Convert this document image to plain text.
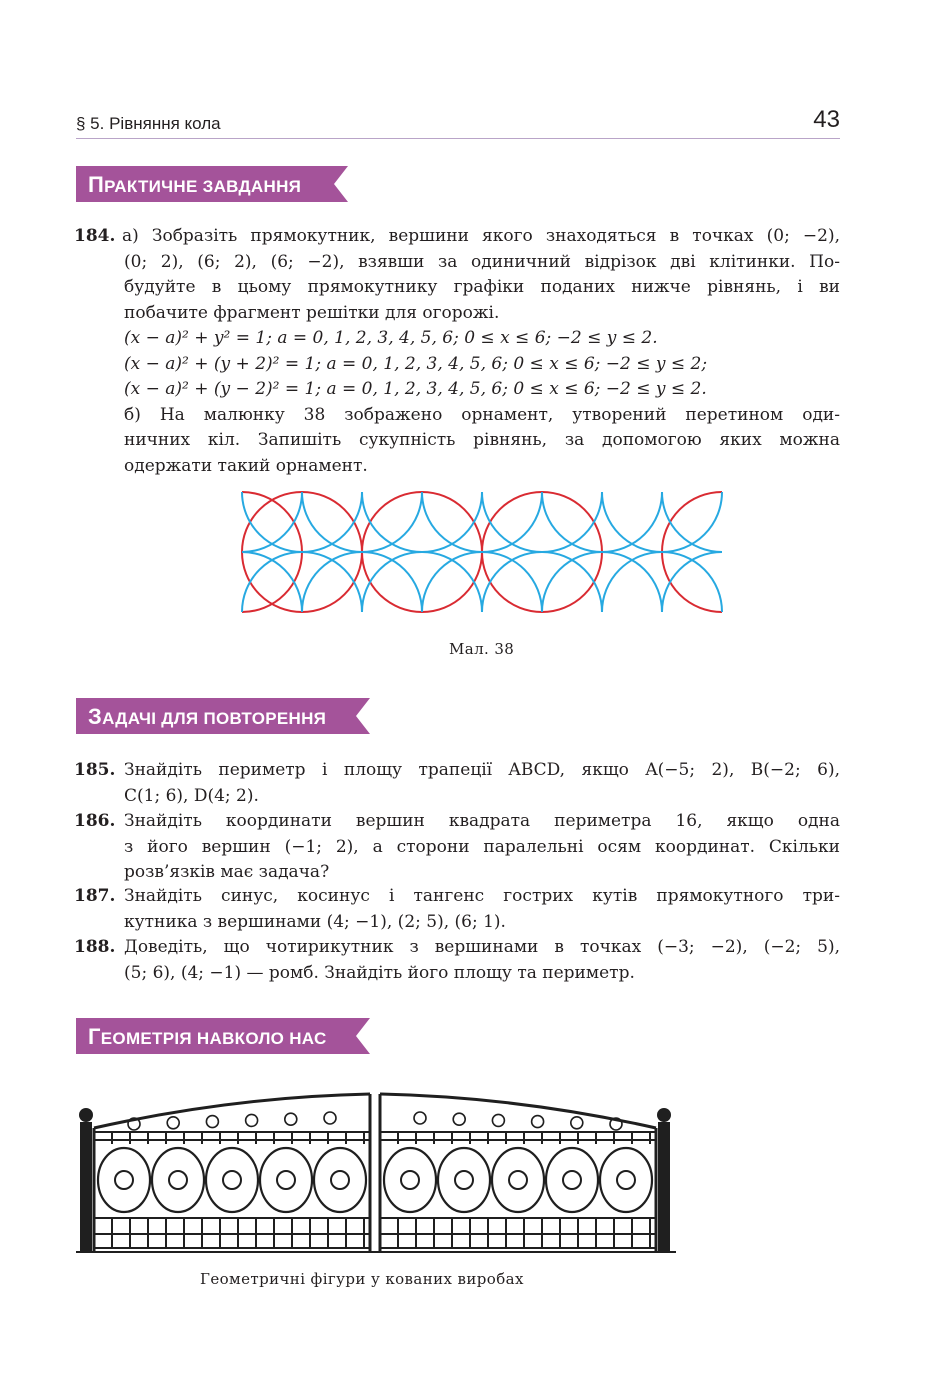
§ 5. Рівняння кола	43
ПРАКТИЧНЕ ЗАВДАННЯ
184. а) Зобразіть прямокутник, вершини якого знаходяться в точках (0; −2),
(0; 2), (6; 2), (6; −2), взявши за одиничний відрізок дві клітинки. По-
будуйте в цьому прямокутнику графіки поданих нижче рівнянь, і ви
побачите фрагмент решітки для огорожі.
(x − a)² + y² = 1; a = 0, 1, 2, 3, 4, 5, 6; 0 ≤ x ≤ 6; −2 ≤ y ≤ 2.
(x − a)² + (y + 2)² = 1; a = 0, 1, 2, 3, 4, 5, 6; 0 ≤ x ≤ 6; −2 ≤ y ≤ 2;
(x − a)² + (y − 2)² = 1; a = 0, 1, 2, 3, 4, 5, 6; 0 ≤ x ≤ 6; −2 ≤ y ≤ 2.
б) На малюнку 38 зображено орнамент, утворений перетином оди-
ничних кіл. Запишіть сукупність рівнянь, за допомогою яких можна
одержати такий орнамент.
Мал. 38
ЗАДАЧІ ДЛЯ ПОВТОРЕННЯ
185. Знайдіть периметр і площу трапеції ABCD, якщо A(−5; 2), B(−2; 6),
C(1; 6), D(4; 2).
186. Знайдіть координати вершин квадрата периметра 16, якщо одна
з його вершин (−1; 2), а сторони паралельні осям координат. Скільки
розв’язків має задача?
187. Знайдіть синус, косинус і тангенс гострих кутів прямокутного три-
кутника з вершинами (4; −1), (2; 5), (6; 1).
188. Доведіть, що чотирикутник з вершинами в точках (−3; −2), (−2; 5),
(5; 6), (4; −1) — ромб. Знайдіть його площу та периметр.
ГЕОМЕТРІЯ НАВКОЛО НАС
Геометричні фігури у кованих виробах
